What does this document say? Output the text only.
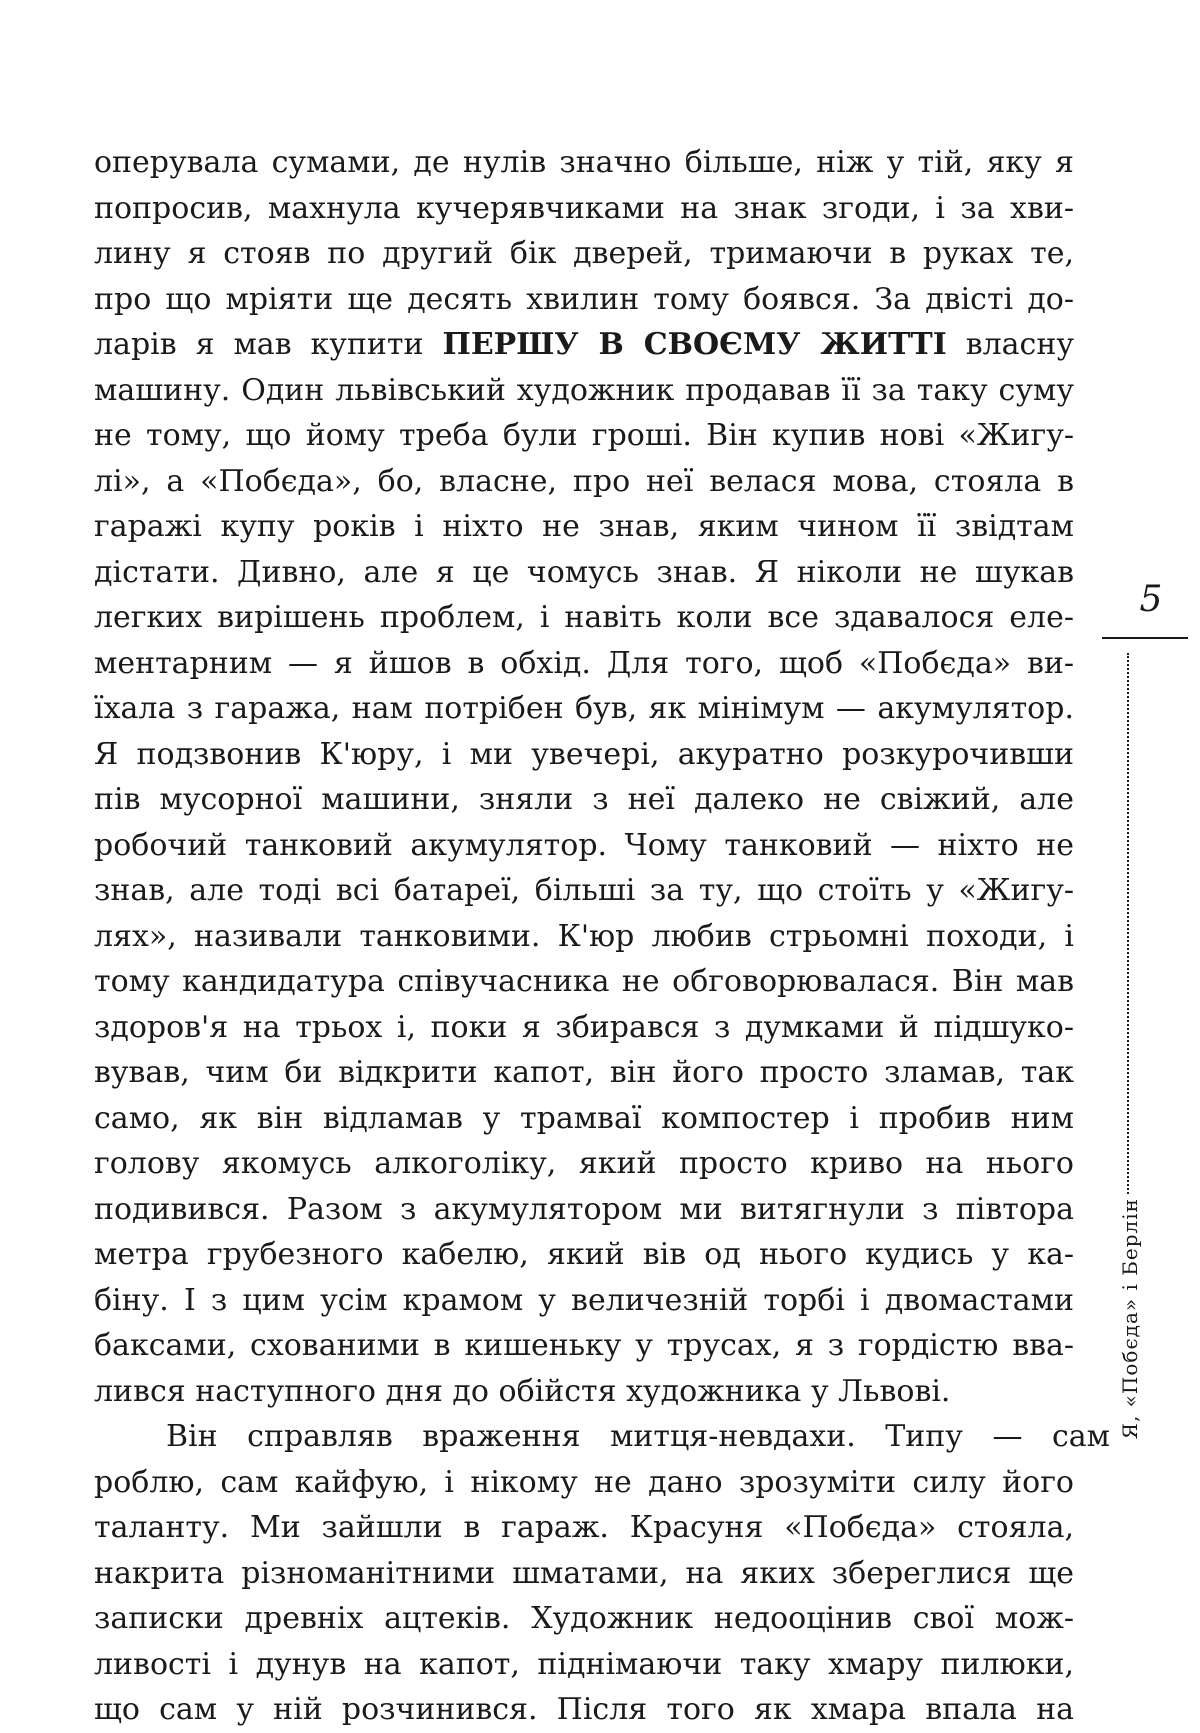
оперувала сумами, де нулів значно більше, ніж у тій, яку я
попросив, махнула кучерявчиками на знак згоди, і за хви-
лину я стояв по другий бік дверей, тримаючи в руках те,
про що мріяти ще десять хвилин тому боявся. За двісті до-
ларів я мав купити ПЕРШУ В СВОЄМУ ЖИТТІ власну
машину. Один львівський художник продавав її за таку суму
не тому, що йому треба були гроші. Він купив нові «Жигу-
лі», а «Побєда», бо, власне, про неї велася мова, стояла в
гаражі купу років і ніхто не знав, яким чином її звідтам
дістати. Дивно, але я це чомусь знав. Я ніколи не шукав
легких вирішень проблем, і навіть коли все здавалося еле-
ментарним — я йшов в обхід. Для того, щоб «Побєда» ви-
їхала з гаража, нам потрібен був, як мінімум — акумулятор.
Я подзвонив К'юру, і ми увечері, акуратно розкурочивши
пів мусорної машини, зняли з неї далеко не свіжий, але
робочий танковий акумулятор. Чому танковий — ніхто не
знав, але тоді всі батареї, більші за ту, що стоїть у «Жигу-
лях», називали танковими. К'юр любив стрьомні походи, і
тому кандидатура співучасника не обговорювалася. Він мав
здоров'я на трьох і, поки я збирався з думками й підшуко-
вував, чим би відкрити капот, він його просто зламав, так
само, як він відламав у трамваї компостер і пробив ним
голову якомусь алкоголіку, який просто криво на нього
подивився. Разом з акумулятором ми витягнули з півтора
метра грубезного кабелю, який вів од нього кудись у ка-
біну. І з цим усім крамом у величезній торбі і двомастами
баксами, схованими в кишеньку у трусах, я з гордістю вва-
лився наступного дня до обійстя художника у Львові.
Він справляв враження митця-невдахи. Типу — сам
роблю, сам кайфую, і нікому не дано зрозуміти силу його
таланту. Ми зайшли в гараж. Красуня «Побєда» стояла,
накрита різноманітними шматами, на яких збереглися ще
записки древніх ацтеків. Художник недооцінив свої мож-
ливості і дунув на капот, піднімаючи таку хмару пилюки,
що сам у ній розчинився. Після того як хмара впала на
5
Я, «Побєда» і Берлін
